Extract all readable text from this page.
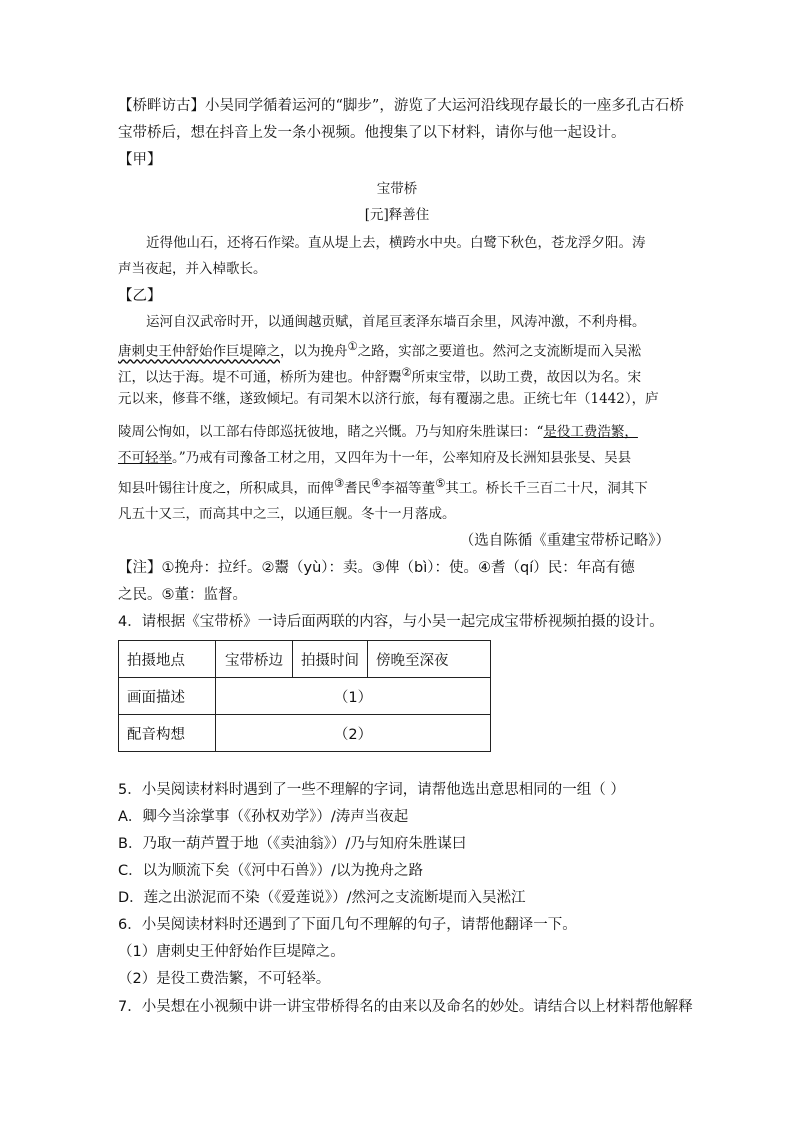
【桥畔访古】小吴同学循着运河的“脚步”，游览了大运河沿线现存最长的一座多孔古石桥

宝带桥后，想在抖音上发一条小视频。他搜集了以下材料，请你与他一起设计。

【甲】

宝带桥

[元]释善住

近得他山石，还将石作梁。直从堤上去，横跨水中央。白鹭下秋色，苍龙浮夕阳。涛

声当夜起，并入棹歌长。

【乙】

运河自汉武帝时开，以通闽越贡赋，首尾亘袤泽东墙百余里，风涛冲激，不利舟楫。

唐刺史王仲舒始作巨堤障之，以为挽舟①之路，实部之要道也。然河之支流断堤而入吴淞

江，以达于海。堤不可通，桥所为建也。仲舒鬻②所束宝带，以助工费，故因以为名。宋

元以来，修葺不继，遂致倾圮。有司架木以济行旅，每有覆溺之患。正统七年（1442），庐

陵周公恂如，以工部右侍郎巡抚彼地，睹之兴慨。乃与知府朱胜谋曰：“是役工费浩繁，

不可轻举。”乃戒有司豫备工材之用，又四年为十一年，公率知府及长洲知县张旻、吴县

知县叶锡往计度之，所积咸具，而俾③耆民④李福等董⑤其工。桥长千三百二十尺，洞其下

凡五十又三，而高其中之三，以通巨舰。冬十一月落成。

（选自陈循《重建宝带桥记略》）

【注】①挽舟：拉纤。②鬻（yù）：卖。③俾（bì）：使。④耆（qí）民：年高有德

之民。⑤董：监督。

4．请根据《宝带桥》一诗后面两联的内容，与小吴一起完成宝带桥视频拍摄的设计。

拍摄地点	宝带桥边	拍摄时间	傍晚至深夜
画面描述	（1）		
配音构想	（2）		

5．小吴阅读材料时遇到了一些不理解的字词，请帮他选出意思相同的一组（ ）

A．卿今当涂掌事（《孙权劝学》）/涛声当夜起

B．乃取一葫芦置于地（《卖油翁》）/乃与知府朱胜谋曰

C．以为顺流下矣（《河中石兽》）/以为挽舟之路

D．莲之出淤泥而不染（《爱莲说》）/然河之支流断堤而入吴淞江

6．小吴阅读材料时还遇到了下面几句不理解的句子，请帮他翻译一下。

（1）唐刺史王仲舒始作巨堤障之。

（2）是役工费浩繁，不可轻举。

7．小吴想在小视频中讲一讲宝带桥得名的由来以及命名的妙处。请结合以上材料帮他解释
